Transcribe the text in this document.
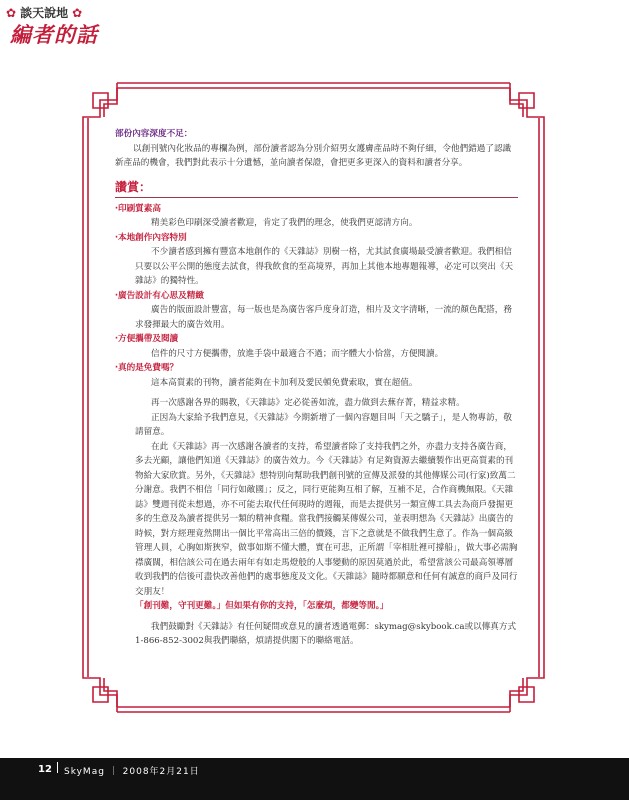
✿ 談天說地 ✿
編者的話

部份內容深度不足：

以創刊號內化妝品的專欄為例，部份讀者認為分別介紹男女護膚產品時不夠仔細，令他們錯過了認識新產品的機會，我們對此表示十分遺憾，並向讀者保證，會把更多更深入的資料和讀者分享。

讚賞：

‧印刷質素高

精美彩色印刷深受讀者歡迎，肯定了我們的理念，使我們更認清方向。

‧本地創作內容特別

不少讀者感到擁有豐富本地創作的《天雜誌》別樹一格，尤其試食廣場最受讀者歡迎。我們相信只要以公平公開的態度去試食，得我飲食的至高境界，再加上其他本地專題報導，必定可以突出《天雜誌》的獨特性。

‧廣告設計有心思及精緻

廣告的版面設計豐富，每一版也是為廣告客戶度身訂造，相片及文字清晰，一流的顏色配搭，務求發揮最大的廣告效用。

‧方便攜帶及閱讀

信件的尺寸方便攜帶，放進手袋中最適合不過；而字體大小恰當，方便閱讀。

‧真的是免費嗎？

這本高質素的刊物，讀者能夠在卡加利及愛民頓免費索取，實在超值。

再一次感謝各界的賜教，《天雜誌》定必從善如流，盡力做到去蕪存菁，精益求精。

正因為大家給予我們意見，《天雜誌》今期新增了一個內容題目叫「天之驕子」，是人物專訪，敬請留意。

在此《天雜誌》再一次感謝各讀者的支持，希望讀者除了支持我們之外，亦盡力支持各廣告商，多去光顧，讓他們知道《天雜誌》的廣告效力。今《天雜誌》有足夠資源去繼續製作出更高質素的刊物給大家欣賞。另外，《天雜誌》想特別向幫助我們創刊號的宣傳及派發的其他傳媒公司(行家)致萬二分謝意。我們不相信「同行如敵國」；反之，同行更能夠互相了解，互補不足，合作商機無限。《天雜誌》雙週刊從未想過，亦不可能去取代任何現時的週報，而是去提供另一類宣傳工具去為商戶發掘更多的生意及為讀者提供另一類的精神食糧。當我們接觸某傳媒公司，並表明想為《天雜誌》出廣告的時候，對方經理竟然開出一個比平常高出三倍的價錢，言下之意就是不做我們生意了。作為一個高級管理人員，心胸如斯狹窄，做事如斯不懂大體，實在可悲，正所謂「宰相肚裡可撐船」，做大事必需胸襟廣闊，相信該公司在過去兩年有如走馬燈般的人事變動的原因莫過於此，希望當該公司最高領導層收到我們的信後可盡快改善他們的處事態度及文化。《天雜誌》隨時都願意和任何有誠意的商戶及同行交朋友！

「創刊難，守刊更難。」但如果有你的支持，「怎麼煩，都變等閒。」

我們鼓勵對《天雜誌》有任何疑問或意見的讀者透過電郵：skymag@skybook.ca或以傳真方式 1-866-852-3002與我們聯絡，煩請提供閣下的聯絡電話。

12 SkyMag ｜ 2008年2月21日
